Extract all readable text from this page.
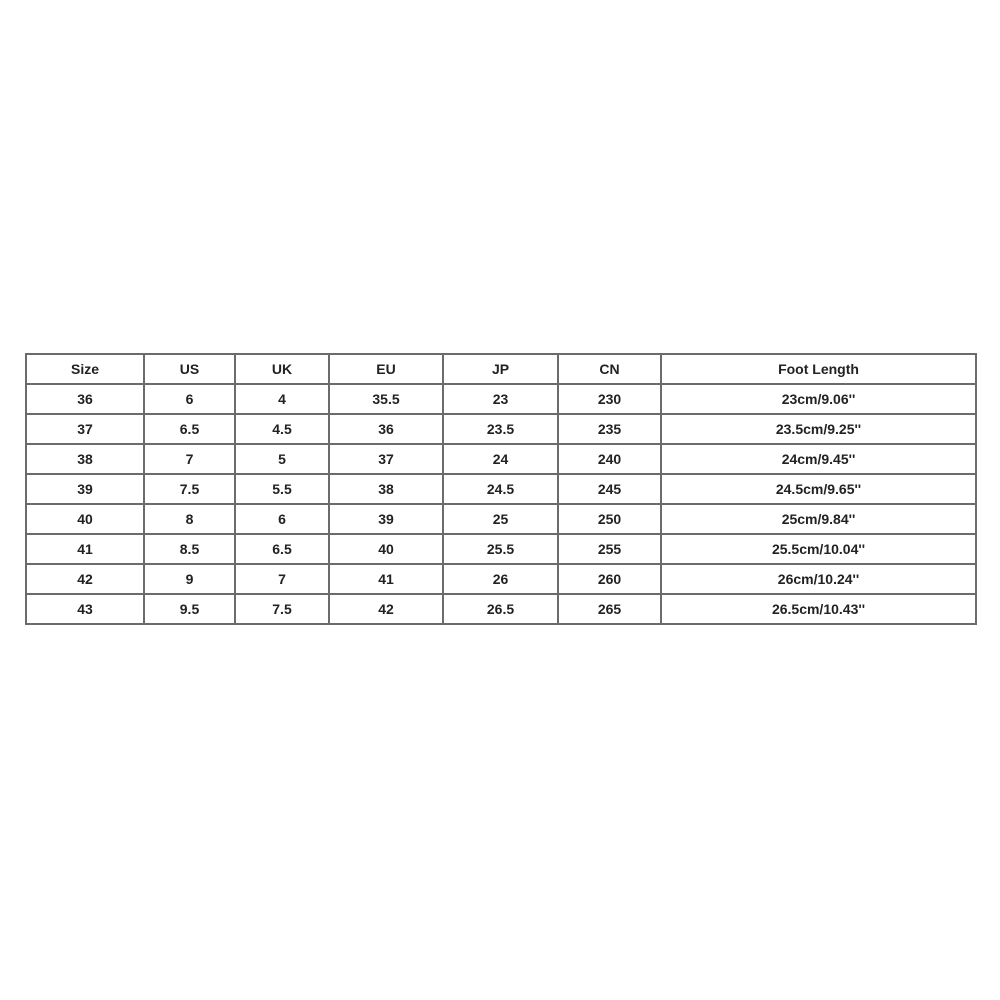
Size	US	UK	EU	JP	CN	Foot Length
36	6	4	35.5	23	230	23cm/9.06''
37	6.5	4.5	36	23.5	235	23.5cm/9.25''
38	7	5	37	24	240	24cm/9.45''
39	7.5	5.5	38	24.5	245	24.5cm/9.65''
40	8	6	39	25	250	25cm/9.84''
41	8.5	6.5	40	25.5	255	25.5cm/10.04''
42	9	7	41	26	260	26cm/10.24''
43	9.5	7.5	42	26.5	265	26.5cm/10.43''
